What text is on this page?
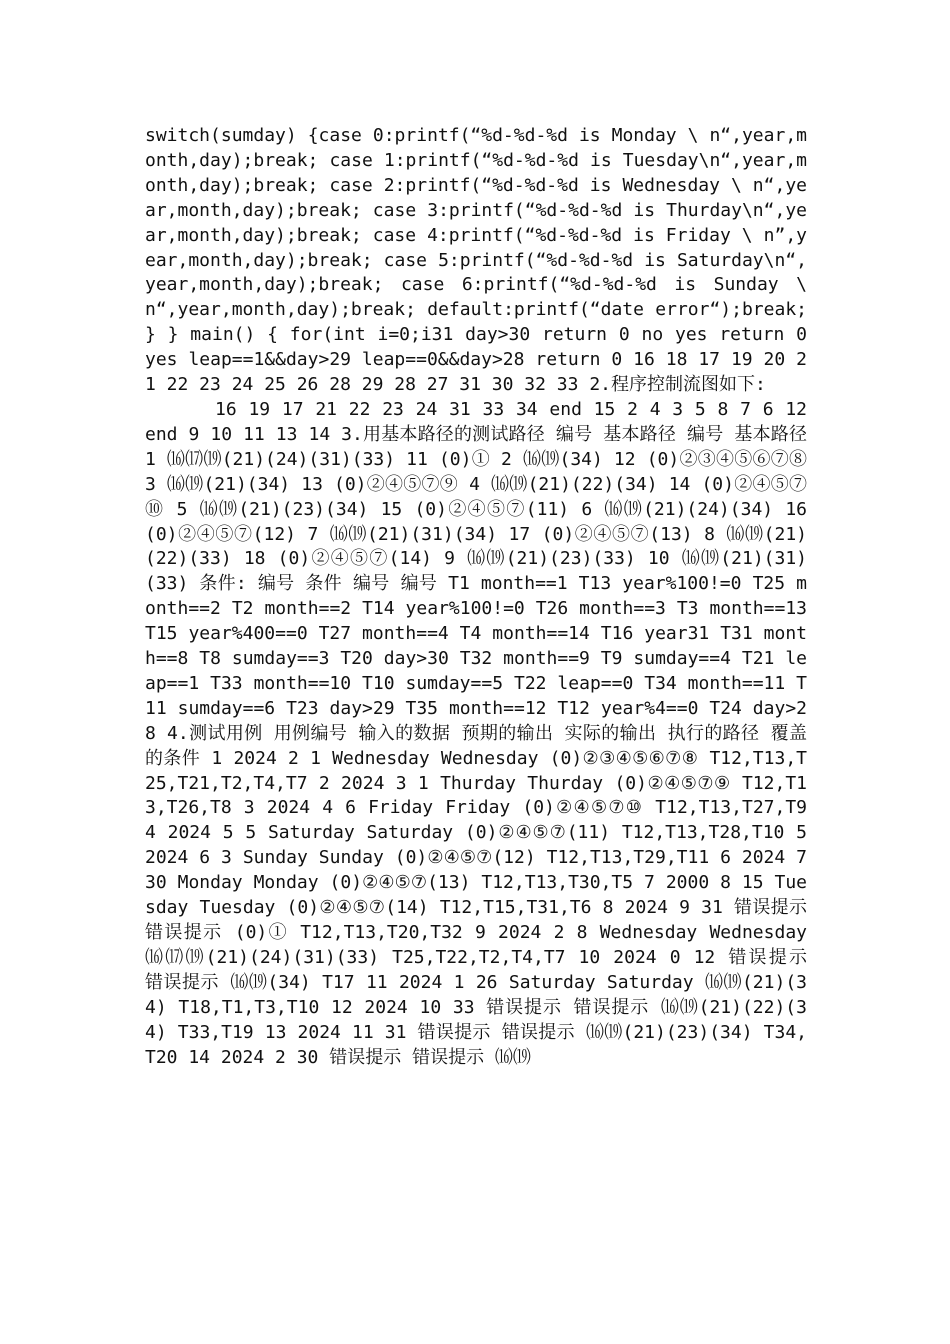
switch(sumday) {case 0:printf(“%d-%d-%d is Monday \ n“,year,month,day);break; case 1:printf(“%d-%d-%d is Tuesday\n“,year,month,day);break; case 2:printf(“%d-%d-%d is Wednesday \ n“,year,month,day);break; case 3:printf(“%d-%d-%d is Thurday\n“,year,month,day);break; case 4:printf(“%d-%d-%d is Friday \ n”,year,month,day);break; case 5:printf(“%d-%d-%d is Saturday\n“,year,month,day);break; case 6:printf(“%d-%d-%d is Sunday \ n“,year,month,day);break; default:printf(“date error“);break; } } main() { for(int i=0;i31 day>30 return 0 no yes return 0 yes leap==1&&day>29 leap==0&&day>28 return 0 16 18 17 19 20 21 22 23 24 25 26 28 29 28 27 31 30 32 33 2.程序控制流图如下:

16 19 17 21 22 23 24 31 33 34 end 15 2 4 3 5 8 7 6 12 end 9 10 11 13 14 3.用基本路径的测试路径 编号 基本路径 编号 基本路径 1 ⒃⒄⒆(21)(24)(31)(33) 11 (0)① 2 ⒃⒆(34) 12 (0)②③④⑤⑥⑦⑧ 3 ⒃⒆(21)(34) 13 (0)②④⑤⑦⑨ 4 ⒃⒆(21)(22)(34) 14 (0)②④⑤⑦⑩ 5 ⒃⒆(21)(23)(34) 15 (0)②④⑤⑦(11) 6 ⒃⒆(21)(24)(34) 16 (0)②④⑤⑦(12) 7 ⒃⒆(21)(31)(34) 17 (0)②④⑤⑦(13) 8 ⒃⒆(21)(22)(33) 18 (0)②④⑤⑦(14) 9 ⒃⒆(21)(23)(33) 10 ⒃⒆(21)(31)(33) 条件: 编号 条件 编号 编号 T1 month==1 T13 year%100!=0 T25 month==2 T2 month==2 T14 year%100!=0 T26 month==3 T3 month==13 T15 year%400==0 T27 month==4 T4 month==14 T16 year31 T31 month==8 T8 sumday==3 T20 day>30 T32 month==9 T9 sumday==4 T21 leap==1 T33 month==10 T10 sumday==5 T22 leap==0 T34 month==11 T11 sumday==6 T23 day>29 T35 month==12 T12 year%4==0 T24 day>28 4.测试用例 用例编号 输入的数据 预期的输出 实际的输出 执行的路径 覆盖的条件 1 2024 2 1 Wednesday Wednesday (0)②③④⑤⑥⑦⑧ T12,T13,T25,T21,T2,T4,T7 2 2024 3 1 Thurday Thurday (0)②④⑤⑦⑨ T12,T13,T26,T8 3 2024 4 6 Friday Friday (0)②④⑤⑦⑩ T12,T13,T27,T9 4 2024 5 5 Saturday Saturday (0)②④⑤⑦(11) T12,T13,T28,T10 5 2024 6 3 Sunday Sunday (0)②④⑤⑦(12) T12,T13,T29,T11 6 2024 7 30 Monday Monday (0)②④⑤⑦(13) T12,T13,T30,T5 7 2000 8 15 Tuesday Tuesday (0)②④⑤⑦(14) T12,T15,T31,T6 8 2024 9 31 错误提示 错误提示 (0)① T12,T13,T20,T32 9 2024 2 8 Wednesday Wednesday ⒃⒄⒆(21)(24)(31)(33) T25,T22,T2,T4,T7 10 2024 0 12 错误提示 错误提示 ⒃⒆(34) T17 11 2024 1 26 Saturday Saturday ⒃⒆(21)(34) T18,T1,T3,T10 12 2024 10 33 错误提示 错误提示 ⒃⒆(21)(22)(34) T33,T19 13 2024 11 31 错误提示 错误提示 ⒃⒆(21)(23)(34) T34,T20 14 2024 2 30 错误提示 错误提示 ⒃⒆
